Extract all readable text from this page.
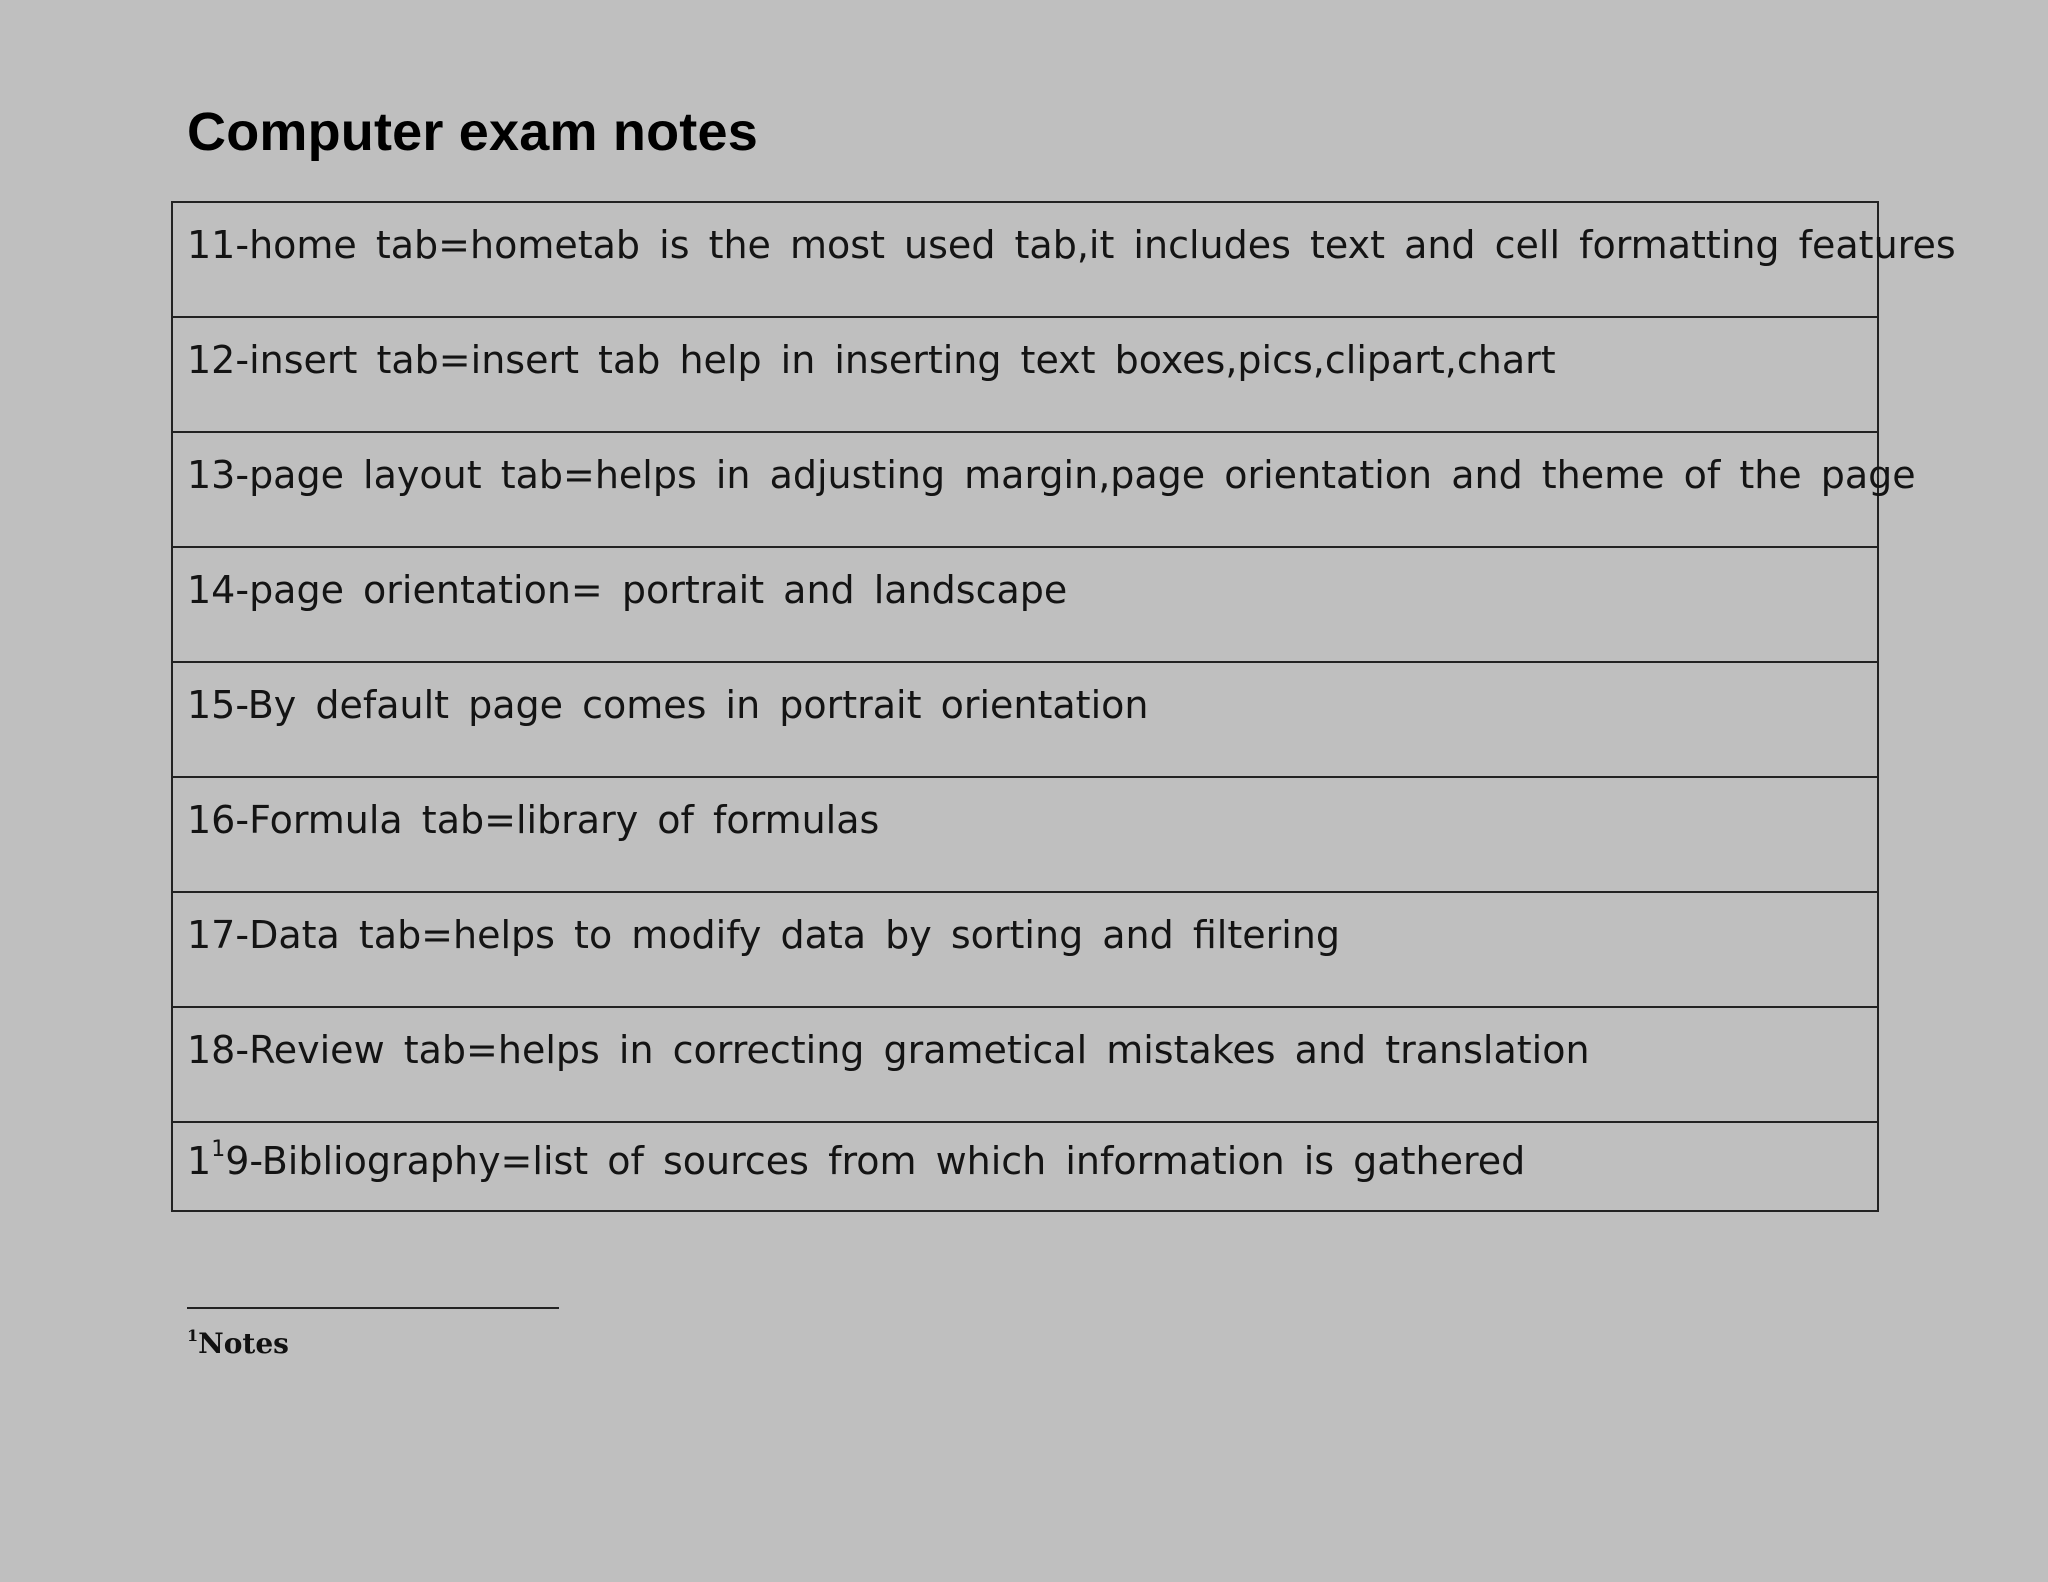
Computer exam notes
11-home tab=hometab is the most used tab,it includes text and cell formatting features
12-insert tab=insert tab help in inserting text boxes,pics,clipart,chart
13-page layout tab=helps in adjusting margin,page orientation and theme of the page
14-page orientation= portrait and landscape
15-By default page comes in portrait orientation
16-Formula tab=library of formulas
17-Data tab=helps to modify data by sorting and filtering
18-Review tab=helps in correcting grametical mistakes and translation
1$^1$9-Bibliography=list of sources from which information is gathered
$^1$Notes
